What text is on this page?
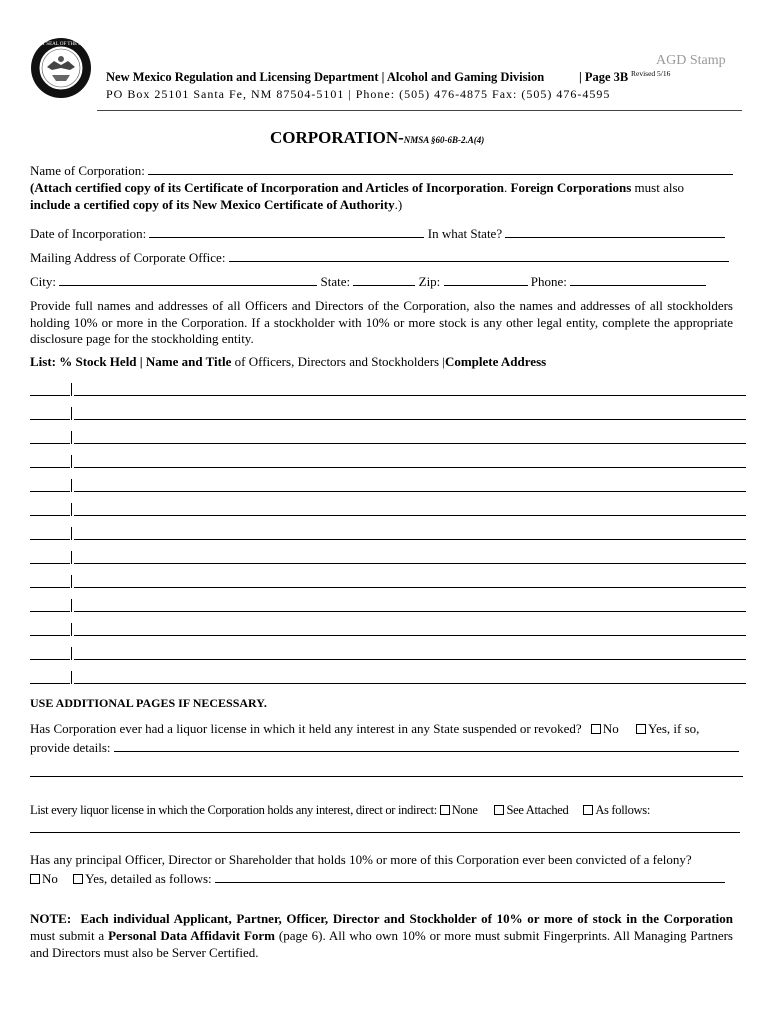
GREAT SEAL OF THE STATE
AGD Stamp
New Mexico Regulation and Licensing Department | Alcohol and Gaming Division	| Page 3B Revised 5/16
PO Box 25101 Santa Fe, NM 87504-5101 | Phone: (505) 476-4875 Fax: (505) 476-4595
CORPORATION-NMSA §60-6B-2.A(4)
Name of Corporation:
(Attach certified copy of its Certificate of Incorporation and Articles of Incorporation. Foreign Corporations must also
include a certified copy of its New Mexico Certificate of Authority.)
Date of Incorporation:	In what State?
Mailing Address of Corporate Office:
City:	State:	Zip:	Phone:
Provide full names and addresses of all Officers and Directors of the Corporation, also the names and addresses of all stockholders holding 10% or more in the Corporation. If a stockholder with 10% or more stock is any other legal entity, complete the appropriate disclosure page for the stockholding entity.
List: % Stock Held | Name and Title of Officers, Directors and Stockholders |Complete Address
USE ADDITIONAL PAGES IF NECESSARY.
Has Corporation ever had a liquor license in which it held any interest in any State suspended or revoked? No Yes, if so,
provide details:
List every liquor license in which the Corporation holds any interest, direct or indirect: None See Attached As follows:
Has any principal Officer, Director or Shareholder that holds 10% or more of this Corporation ever been convicted of a felony?
No Yes, detailed as follows:
NOTE: Each individual Applicant, Partner, Officer, Director and Stockholder of 10% or more of stock in the Corporation must submit a Personal Data Affidavit Form (page 6). All who own 10% or more must submit Fingerprints. All Managing Partners and Directors must also be Server Certified.
